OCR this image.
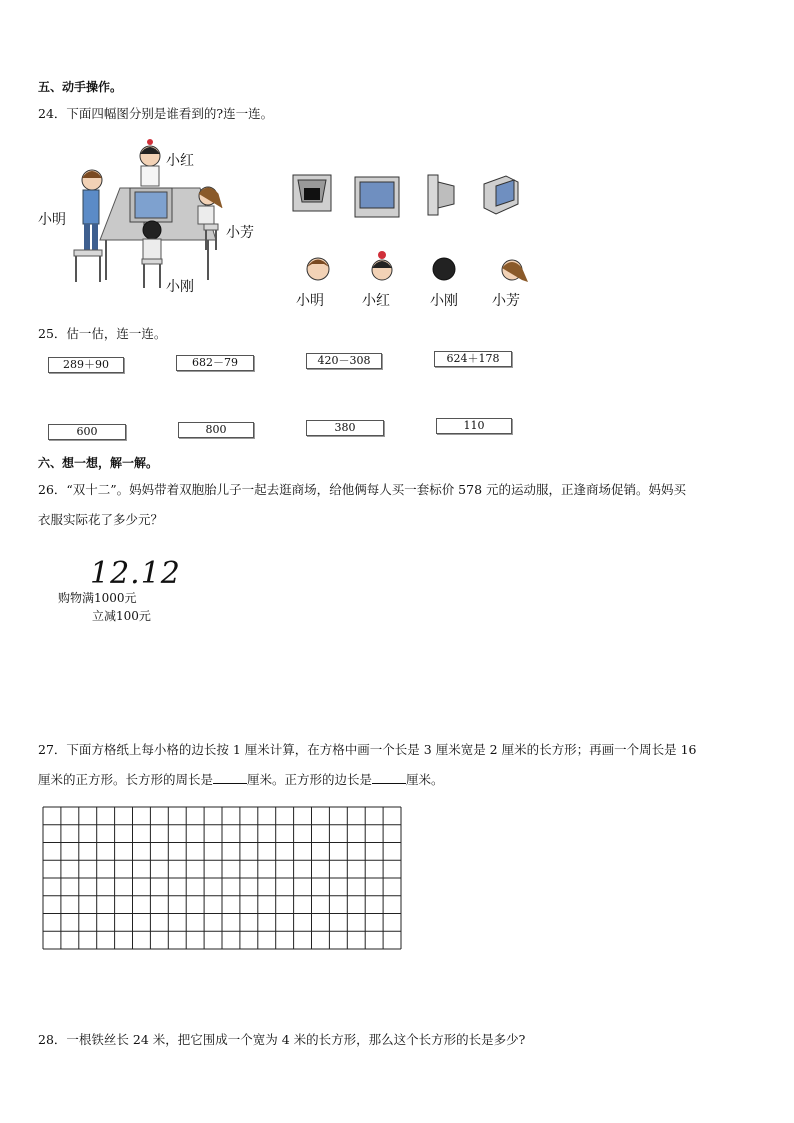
五、动手操作。
24．下面四幅图分别是谁看到的?连一连。
小红
小明
小芳
小刚
小明	小红	小刚 小芳
25．估一估，连一连。
289＋90	682－79	420－308	624＋178
600	800	380	110
六、想一想，解一解。
26．“双十二”。妈妈带着双胞胎儿子一起去逛商场，给他俩每人买一套标价 578 元的运动服，正逢商场促销。妈妈买
衣服实际花了多少元？
12.12
购物满1000元
立减100元
27．下面方格纸上每小格的边长按 1 厘米计算，在方格中画一个长是 3 厘米宽是 2 厘米的长方形；再画一个周长是 16
厘米的正方形。长方形的周长是	厘米。正方形的边长是	厘米。
28．一根铁丝长 24 米，把它围成一个宽为 4 米的长方形，那么这个长方形的长是多少?
